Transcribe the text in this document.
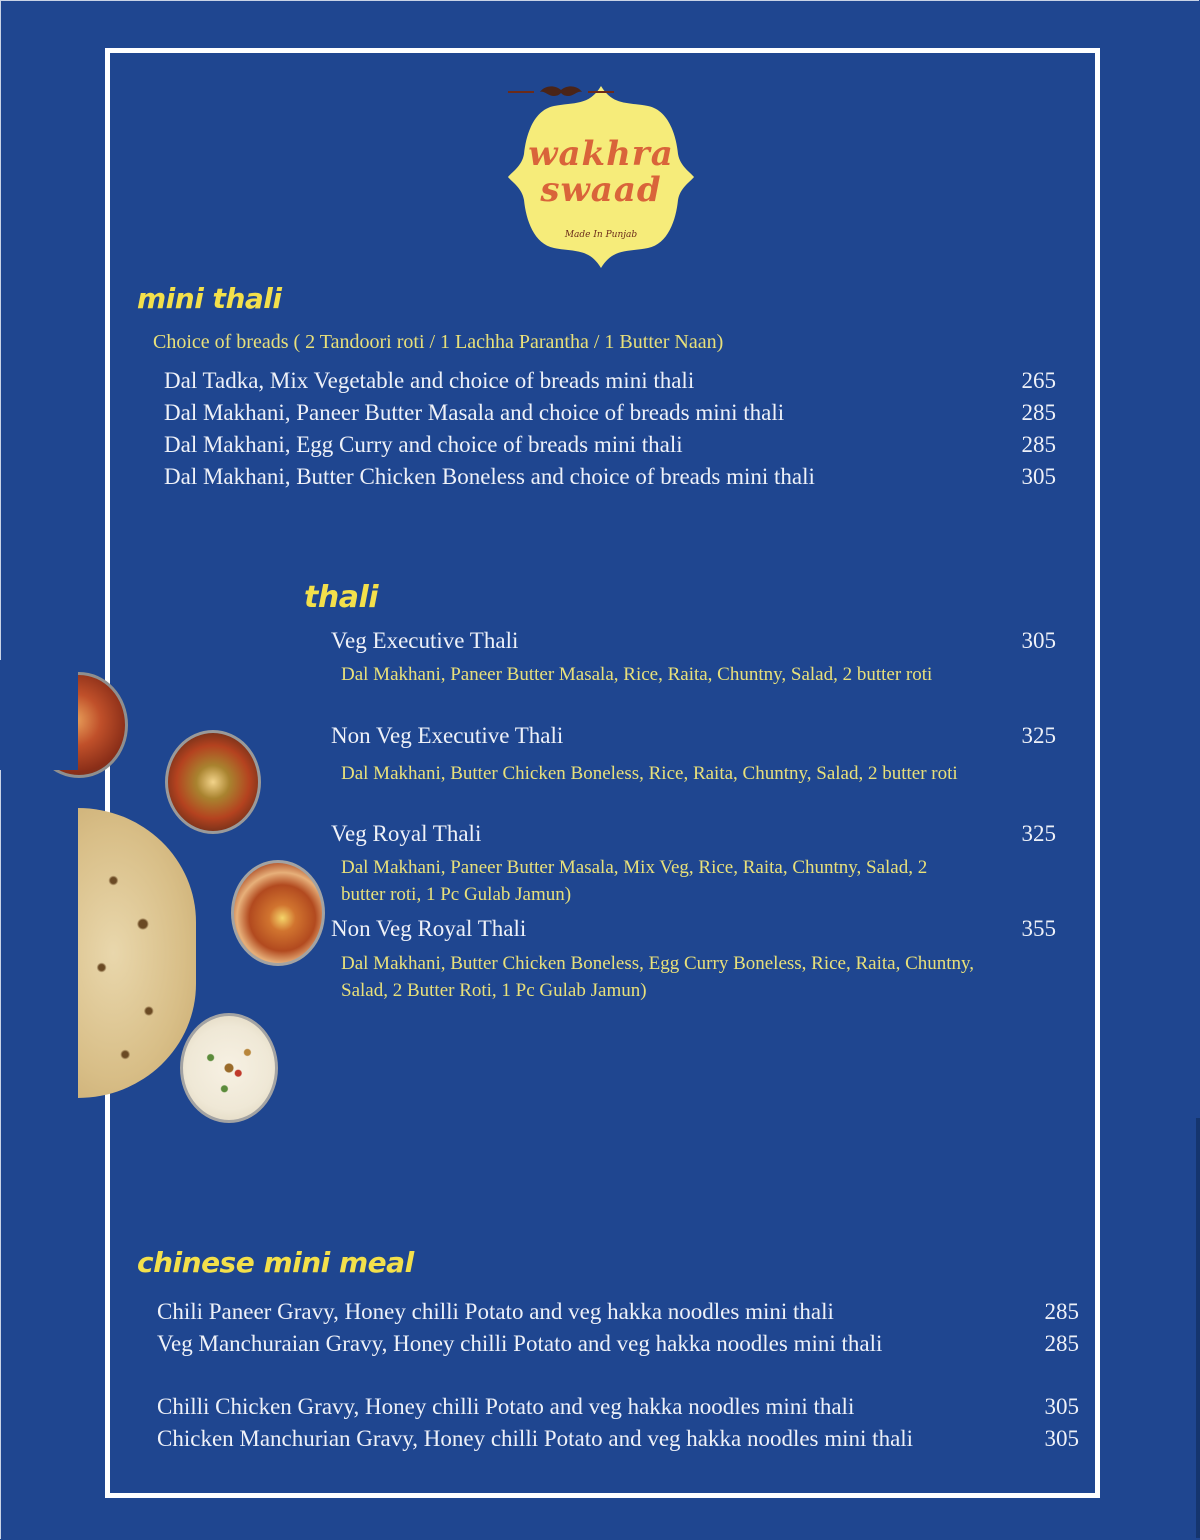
wakhra
swaad
Made In Punjab
mini thali
Choice of breads ( 2 Tandoori roti / 1 Lachha Parantha / 1 Butter Naan)
Dal Tadka, Mix Vegetable and choice of breads mini thali	265
Dal Makhani, Paneer Butter Masala and choice of breads mini thali	285
Dal Makhani, Egg Curry and choice of breads mini thali	285
Dal Makhani, Butter Chicken Boneless and choice of breads mini thali	305
thali
Veg Executive Thali	305
Dal Makhani, Paneer Butter Masala, Rice, Raita, Chuntny, Salad, 2 butter roti
Non Veg Executive Thali	325
Dal Makhani, Butter Chicken Boneless, Rice, Raita, Chuntny, Salad, 2 butter roti
Veg Royal Thali	325
Dal Makhani, Paneer Butter Masala, Mix Veg, Rice, Raita, Chuntny, Salad, 2 butter roti, 1 Pc Gulab Jamun)
Non Veg Royal Thali	355
Dal Makhani, Butter Chicken Boneless, Egg Curry Boneless, Rice, Raita, Chuntny, Salad, 2 Butter Roti, 1 Pc Gulab Jamun)
chinese mini meal
Chili Paneer Gravy, Honey chilli Potato and veg hakka noodles mini thali	285
Veg Manchuraian Gravy, Honey chilli Potato and veg hakka noodles mini thali	285
Chilli Chicken Gravy, Honey chilli Potato and veg hakka noodles mini thali	305
Chicken Manchurian Gravy, Honey chilli Potato and veg hakka noodles mini thali	305
